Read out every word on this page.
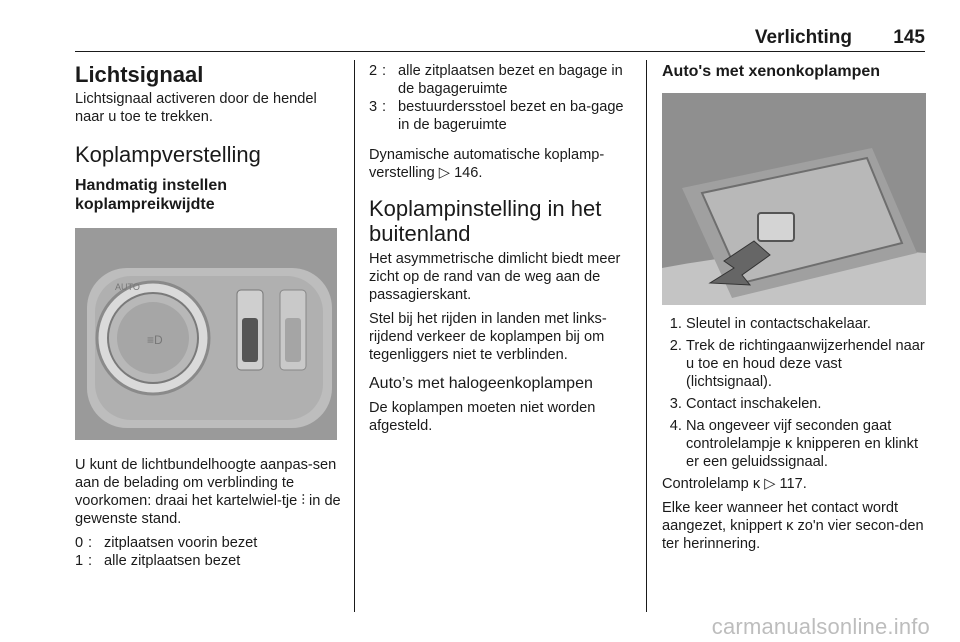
Verlichting 145
Lichtsignaal

Lichtsignaal activeren door de hendel naar u toe te trekken.

Koplampverstelling
Handmatig instellen koplampreikwijdte
AUTO
≡D

U kunt de lichtbundelhoogte aanpas-sen aan de belading om verblinding te voorkomen: draai het kartelwiel-tje ⫶ in de gewenste stand.

0 : zitplaatsen voorin bezet
1 : alle zitplaatsen bezet
2 : alle zitplaatsen bezet en bagage in de bagageruimte
3 : bestuurdersstoel bezet en ba-gage in de bageruimte

Dynamische automatische koplamp-verstelling ▷ 146.

Koplampinstelling in het buitenland

Het asymmetrische dimlicht biedt meer zicht op de rand van de weg aan de passagierskant.

Stel bij het rijden in landen met links-rijdend verkeer de koplampen bij om tegenliggers niet te verblinden.

Auto’s met halogeenkoplampen

De koplampen moeten niet worden afgesteld.

Auto's met xenonkoplampen
1. Sleutel in contactschakelaar.
2. Trek de richtingaanwijzerhendel naar u toe en houd deze vast (lichtsignaal).
3. Contact inschakelen.
4. Na ongeveer vijf seconden gaat controlelampje ĸ knipperen en klinkt er een geluidssignaal.

Controlelamp ĸ ▷ 117.

Elke keer wanneer het contact wordt aangezet, knippert ĸ zo'n vier secon-den ter herinnering.

carmanualsonline.info
